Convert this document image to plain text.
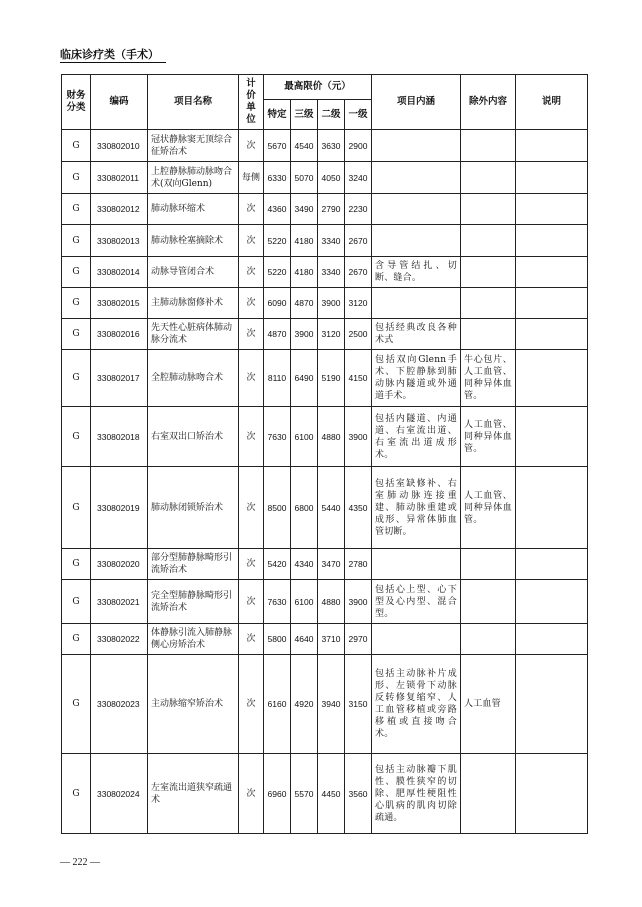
临床诊疗类（手术）
财务分类	编码	项目名称	计价单位	最高限价（元）				项目内涵	除外内容	说明
				特定	三级	二级	一级			
G	330802010	冠状静脉窦无顶综合征矫治术	次	5670	4540	3630	2900			
G	330802011	上腔静脉肺动脉吻合术(双向Glenn)	每侧	6330	5070	4050	3240			
G	330802012	肺动脉环缩术	次	4360	3490	2790	2230			
G	330802013	肺动脉栓塞摘除术	次	5220	4180	3340	2670			
G	330802014	动脉导管闭合术	次	5220	4180	3340	2670	含导管结扎、切断、缝合。		
G	330802015	主肺动脉窗修补术	次	6090	4870	3900	3120			
G	330802016	先天性心脏病体肺动脉分流术	次	4870	3900	3120	2500	包括经典改良各种术式		
G	330802017	全腔肺动脉吻合术	次	8110	6490	5190	4150	包括双向Glenn手术、下腔静脉到肺动脉内隧道或外通道手术。	牛心包片、人工血管、同种异体血管。	
G	330802018	右室双出口矫治术	次	7630	6100	4880	3900	包括内隧道、内通道、右室流出道、右室流出道成形术。	人工血管、同种异体血管。	
G	330802019	肺动脉闭锁矫治术	次	8500	6800	5440	4350	包括室缺修补、右室肺动脉连接重建、肺动脉重建或成形、异常体肺血管切断。	人工血管、同种异体血管。	
G	330802020	部分型肺静脉畸形引流矫治术	次	5420	4340	3470	2780			
G	330802021	完全型肺静脉畸形引流矫治术	次	7630	6100	4880	3900	包括心上型、心下型及心内型、混合型。		
G	330802022	体静脉引流入肺静脉侧心房矫治术	次	5800	4640	3710	2970			
G	330802023	主动脉缩窄矫治术	次	6160	4920	3940	3150	包括主动脉补片成形、左锁骨下动脉反转修复缩窄、人工血管移植或旁路移植或直接吻合术。	人工血管	
G	330802024	左室流出道狭窄疏通术	次	6960	5570	4450	3560	包括主动脉瓣下肌性、膜性狭窄的切除、肥厚性梗阻性心肌病的肌肉切除疏通。		
— 222 —
